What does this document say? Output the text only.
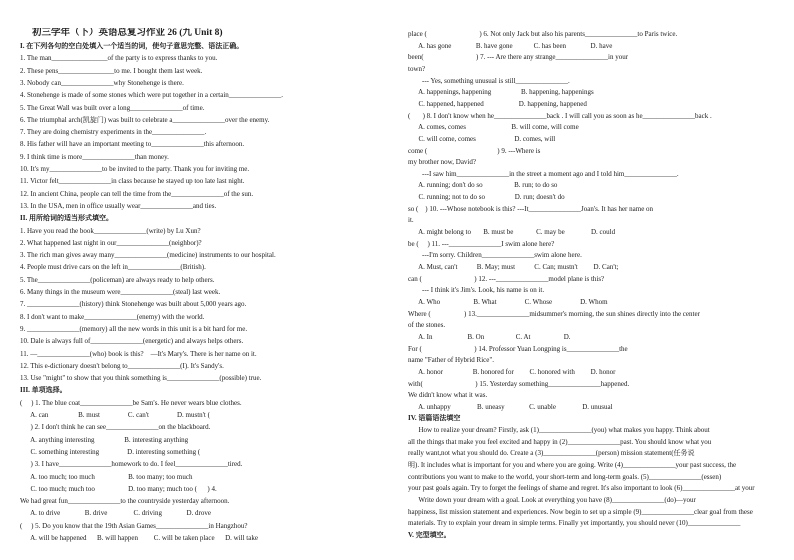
初三学年（下）英语总复习作业 26 (九 Unit 8)
I. 在下列各句的空白处填入一个适当的词，使句子意思完整、语法正确。
1. The man________________of the party is to express thanks to you.
2. These pens________________to me. I bought them last week.
3. Nobody can_______________why Stonehenge is there.
4. Stonehenge is made of some stones which were put together in a certain_______________.
5. The Great Wall was built over a long_______________of time.
6. The triumphal arch(凯旋门) was built to celebrate a_______________over the enemy.
7. They are doing chemistry experiments in the_______________.
8. His father will have an important meeting to_______________this afternoon.
9. I think time is more_______________than money.
10. It's my_______________to be invited to the party. Thank you for inviting me.
11. Victor felt_______________in class because he stayed up too late last night.
12. In ancient China, people can tell the time from the_______________of the sun.
13. In the USA, men in office usually wear_______________and ties.
II. 用所给词的适当形式填空。
1. Have you read the book_______________(write) by Lu Xun?
2. What happened last night in our_______________(neighbor)?
3. The rich man gives away many_______________(medicine) instruments to our hospital.
4. People must drive cars on the left in_______________(British).
5. The_______________(policeman) are always ready to help others.
6. Many things in the museum were_______________(steal) last week.
7. _______________(history) think Stonehenge was built about 5,000 years ago.
8. I don't want to make_______________(enemy) with the world.
9. _______________(memory) all the new words in this unit is a bit hard for me.
10. Dale is always full of_______________(energetic) and always helps others.
11. —_______________(who) book is this?    —It's Mary's. There is her name on it.
12. This e-dictionary doesn't belong to_______________(I). It's Sandy's.
13. Use "might" to show that you think something is_______________(possible) true.
III. 单项选择。
(     ) 1. The blue coat_______________be Sam's. He never wears blue clothes.
A. can                 B. must                C. can't                D. mustn't (
) 2. I don't think he can see_______________on the blackboard.
A. anything interesting                 B. interesting anything
C. something interesting                D. interesting something (
) 3. I have_______________homework to do. I feel_______________tired.
A. too much; too much                   B. too many; too much
C. too much; much too                   D. too many; much too (      ) 4.
We had great fun_______________to the countryside yesterday afternoon.
A. to drive              B. drive               C. driving              D. drove
(     ) 5. Do you know that the 19th Asian Games_______________in Hangzhou?
A. will be happened      B. will happen         C. will be taken place      D. will take
place (                              ) 6. Not only Jack but also his parents_______________to Paris twice.
A. has gone              B. have gone            C. has been              D. have
been(                              ) 7. --- Are there any strange_______________in your
town?
--- Yes, something unusual is still_______________.
A. happenings, happening                 B. happening, happenings
C. happened, happened                    D. happening, happened
(       ) 8. I don't know when he_______________back . I will call you as soon as he_______________back .
A. comes, comes                          B. will come, will come
C. will come, comes                      D. comes, will
come (                                        ) 9. ---Where is
my brother now, David?
---I saw him_______________in the street a moment ago and I told him_______________.
A. running; don't do so                  B. run; to do so
C. running; not to do so                 D. run; doesn't do
so (    ) 10. ---Whose notebook is this? ---It_______________Joan's. It has her name on
it.
A. might belong to       B. must be             C. may be               D. could
be (     ) 11. ---_______________I swim alone here?
---I'm sorry. Children_______________swim alone here.
A. Must, can't           B. May; must           C. Can; mustn't         D. Can't;
can (                              ) 12. ---_______________model plane is this?
--- I think it's Jim's. Look, his name is on it.
A. Who                   B. What                C. Whose                D. Whom
Where (                   ) 13._______________midsummer's morning, the sun shines directly into the center
of the stones.
A. In                    B. On                  C. At                   D.
For (                              ) 14. Professor Yuan Longping is_______________the
name "Father of Hybrid Rice".
A. honor                 B. honored for         C. honored with         D. honor
with(                              ) 15. Yesterday something_______________happened.
We didn't know what it was.
A. unhappy               B. uneasy              C. unable               D. unusual
IV. 语篇语法填空
How to realize your dream? Firstly, ask (1)_______________(you) what makes you happy. Think about
all the things that make you feel excited and happy in (2)_______________past. You should know what you
really want,not what you should do. Create a (3)_______________(person) mission statement(任务说
明). It includes what is important for you and where you are going. Write (4)_______________your past success, the
contributions you want to make to the world, your short-term and long-term goals. (5)_______________(essen)
your past goals again. Try to forget the feelings of shame and regret. It's also important to look (6)_______________at your
Write down your dream with a goal. Look at everything you have (8)_______________(do)—your
happiness, list mission statement and experiences. Now begin to set up a simple (9)_______________clear goal from these
materials. Try to explain your dream in simple terms. Finally yet importantly, you should never (10)_______________
V. 完型填空。
